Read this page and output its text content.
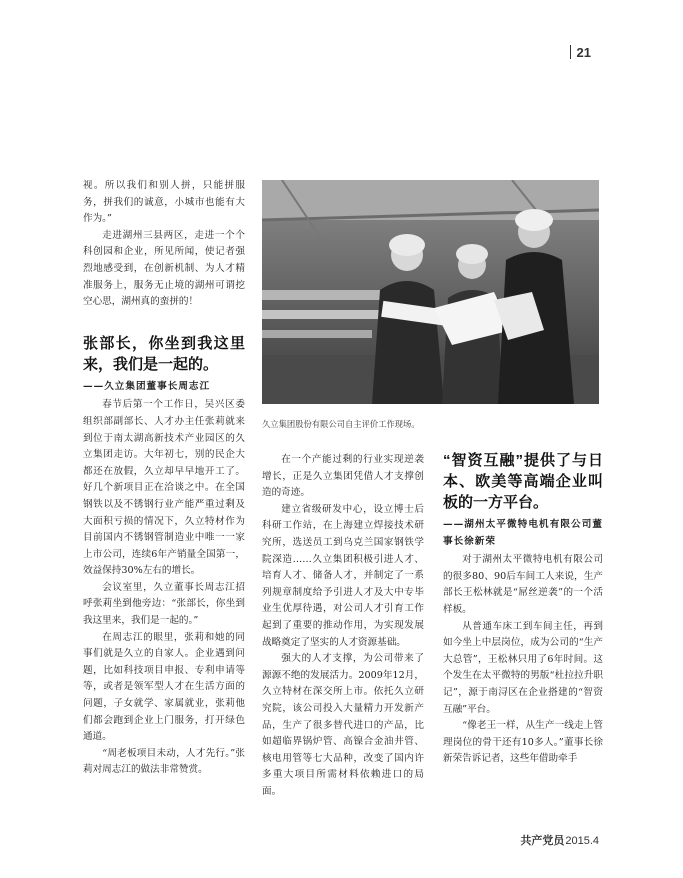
21

视。所以我们和别人拼，只能拼服务，拼我们的诚意，小城市也能有大作为。”

走进湖州三县两区，走进一个个科创园和企业，所见所闻，使记者强烈地感受到，在创新机制、为人才精准服务上，服务无止境的湖州可谓挖空心思，湖州真的蛮拼的！

张部长，你坐到我这里来，我们是一起的。
——久立集团董事长周志江

春节后第一个工作日，吴兴区委组织部副部长、人才办主任张莉就来到位于南太湖高新技术产业园区的久立集团走访。大年初七，别的民企大都还在放假，久立却早早地开工了。好几个新项目正在洽谈之中。在全国钢铁以及不锈钢行业产能严重过剩及大面积亏损的情况下，久立特材作为目前国内不锈钢管制造业中唯一一家上市公司，连续6年产销量全国第一，效益保持30%左右的增长。

会议室里，久立董事长周志江招呼张莉坐到他旁边：“张部长，你坐到我这里来，我们是一起的。”

在周志江的眼里，张莉和她的同事们就是久立的自家人。企业遇到问题，比如科技项目申报、专利申请等等，或者是领军型人才在生活方面的问题，子女就学、家属就业，张莉他们都会跑到企业上门服务，打开绿色通道。

“周老板项目未动，人才先行。”张莉对周志江的做法非常赞赏。

久立集团股份有限公司自主评价工作现场。

在一个产能过剩的行业实现逆袭增长，正是久立集团凭借人才支撑创造的奇迹。

建立省级研发中心，设立博士后科研工作站，在上海建立焊接技术研究所，选送员工到乌克兰国家钢铁学院深造……久立集团积极引进人才、培育人才、储备人才，并制定了一系列规章制度给予引进人才及大中专毕业生优厚待遇，对公司人才引育工作起到了重要的推动作用，为实现发展战略奠定了坚实的人才资源基础。

强大的人才支撑，为公司带来了源源不绝的发展活力。2009年12月，久立特材在深交所上市。依托久立研究院，该公司投入大量精力开发新产品，生产了很多替代进口的产品，比如超临界锅炉管、高镍合金油井管、核电用管等七大品种，改变了国内许多重大项目所需材料依赖进口的局面。

“智资互融”提供了与日本、欧美等高端企业叫板的一方平台。
——湖州太平微特电机有限公司董事长徐新荣

对于湖州太平微特电机有限公司的很多80、90后车间工人来说，生产部长王松林就是“屌丝逆袭”的一个活样板。

从普通车床工到车间主任，再到如今坐上中层岗位，成为公司的“生产大总管”，王松林只用了6年时间。这个发生在太平微特的男版“杜拉拉升职记”，源于南浔区在企业搭建的“智资互融”平台。

“像老王一样，从生产一线走上管理岗位的骨干还有10多人。”董事长徐新荣告诉记者，这些年借助牵手

共产党员2015.4
